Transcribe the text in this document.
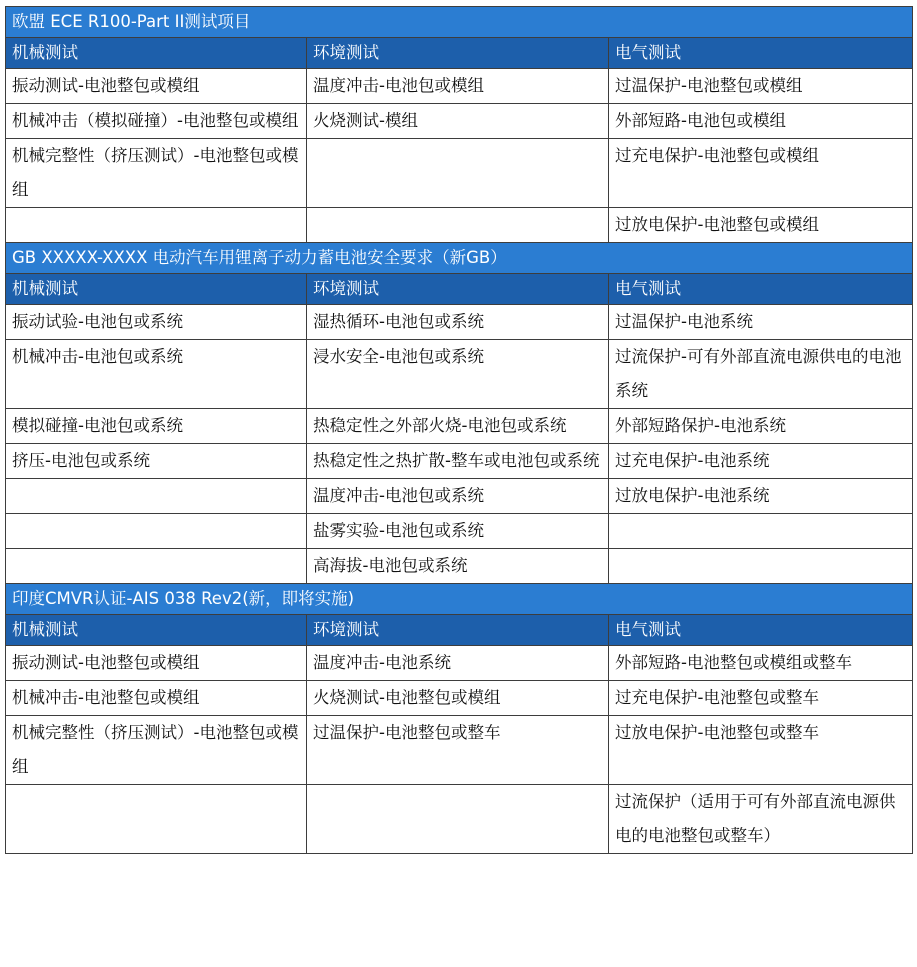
欧盟 ECE R100-Part II测试项目		
机械测试	环境测试	电气测试
振动测试-电池整包或模组	温度冲击-电池包或模组	过温保护-电池整包或模组
机械冲击（模拟碰撞）-电池整包或模组	火烧测试-模组	外部短路-电池包或模组
机械完整性（挤压测试）-电池整包或模组		过充电保护-电池整包或模组
		过放电保护-电池整包或模组
GB XXXXX-XXXX 电动汽车用锂离子动力蓄电池安全要求（新GB）		
机械测试	环境测试	电气测试
振动试验-电池包或系统	湿热循环-电池包或系统	过温保护-电池系统
机械冲击-电池包或系统	浸水安全-电池包或系统	过流保护-可有外部直流电源供电的电池系统
模拟碰撞-电池包或系统	热稳定性之外部火烧-电池包或系统	外部短路保护-电池系统
挤压-电池包或系统	热稳定性之热扩散-整车或电池包或系统	过充电保护-电池系统
	温度冲击-电池包或系统	过放电保护-电池系统
	盐雾实验-电池包或系统	
	高海拔-电池包或系统	
印度CMVR认证-AIS 038 Rev2(新，即将实施)		
机械测试	环境测试	电气测试
振动测试-电池整包或模组	温度冲击-电池系统	外部短路-电池整包或模组或整车
机械冲击-电池整包或模组	火烧测试-电池整包或模组	过充电保护-电池整包或整车
机械完整性（挤压测试）-电池整包或模组	过温保护-电池整包或整车	过放电保护-电池整包或整车
		过流保护（适用于可有外部直流电源供电的电池整包或整车）
